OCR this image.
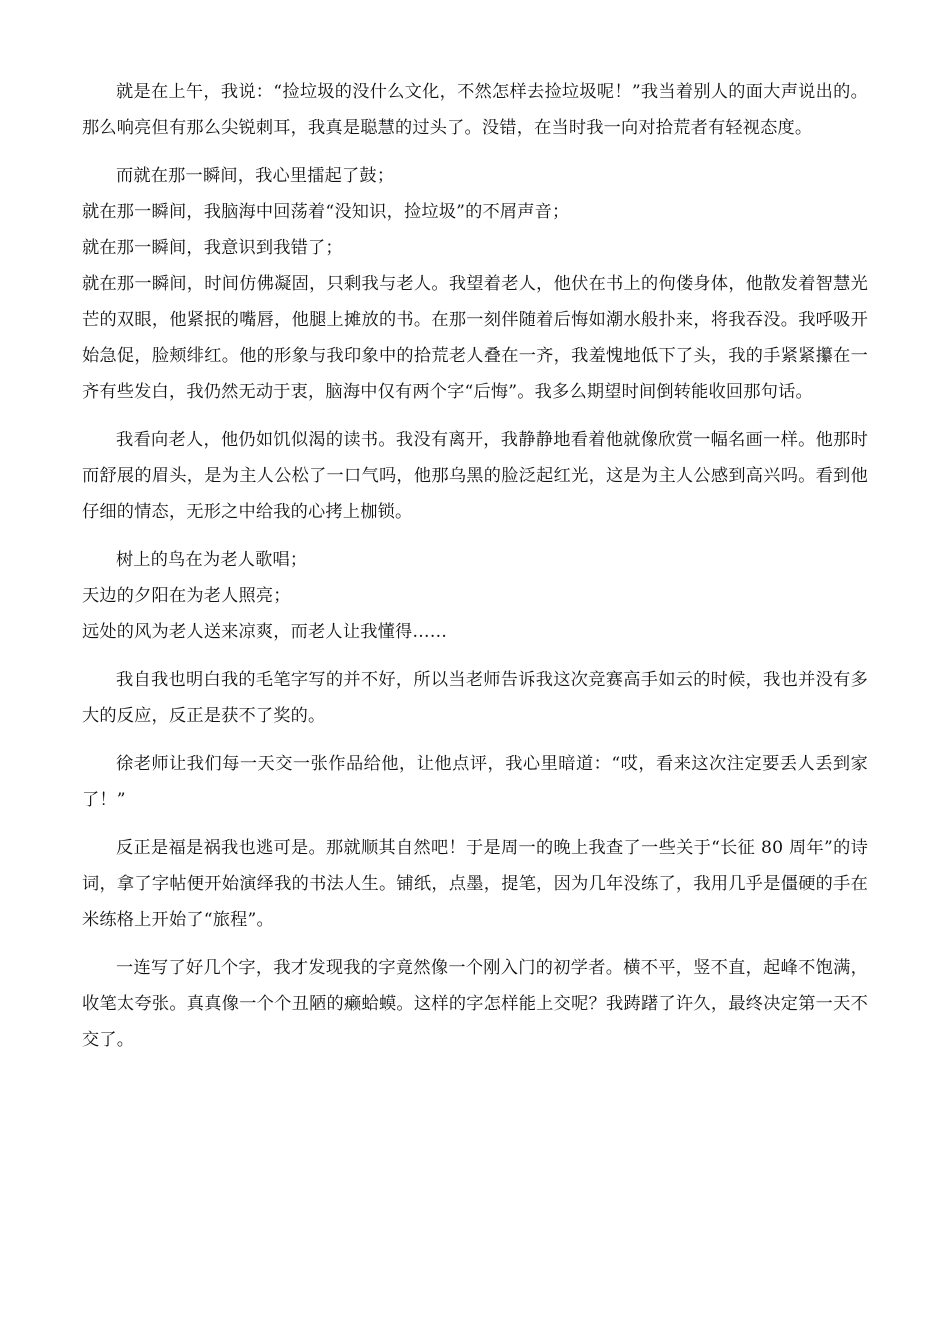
就是在上午，我说：“捡垃圾的没什么文化，不然怎样去捡垃圾呢！”我当着别人的面大声说出的。那么响亮但有那么尖锐刺耳，我真是聪慧的过头了。没错，在当时我一向对拾荒者有轻视态度。

而就在那一瞬间，我心里擂起了鼓；

就在那一瞬间，我脑海中回荡着“没知识，捡垃圾”的不屑声音；

就在那一瞬间，我意识到我错了；

就在那一瞬间，时间仿佛凝固，只剩我与老人。我望着老人，他伏在书上的佝偻身体，他散发着智慧光芒的双眼，他紧抿的嘴唇，他腿上摊放的书。在那一刻伴随着后悔如潮水般扑来，将我吞没。我呼吸开始急促，脸颊绯红。他的形象与我印象中的拾荒老人叠在一齐，我羞愧地低下了头，我的手紧紧攥在一齐有些发白，我仍然无动于衷，脑海中仅有两个字“后悔”。我多么期望时间倒转能收回那句话。

我看向老人，他仍如饥似渴的读书。我没有离开，我静静地看着他就像欣赏一幅名画一样。他那时而舒展的眉头，是为主人公松了一口气吗，他那乌黑的脸泛起红光，这是为主人公感到高兴吗。看到他仔细的情态，无形之中给我的心拷上枷锁。

树上的鸟在为老人歌唱；

天边的夕阳在为老人照亮；

远处的风为老人送来凉爽，而老人让我懂得……

我自我也明白我的毛笔字写的并不好，所以当老师告诉我这次竞赛高手如云的时候，我也并没有多大的反应，反正是获不了奖的。

徐老师让我们每一天交一张作品给他，让他点评，我心里暗道：“哎，看来这次注定要丢人丢到家了！”

反正是福是祸我也逃可是。那就顺其自然吧！于是周一的晚上我查了一些关于“长征 80 周年”的诗词，拿了字帖便开始演绎我的书法人生。铺纸，点墨，提笔，因为几年没练了，我用几乎是僵硬的手在米练格上开始了“旅程”。

一连写了好几个字，我才发现我的字竟然像一个刚入门的初学者。横不平，竖不直，起峰不饱满，收笔太夸张。真真像一个个丑陋的癞蛤蟆。这样的字怎样能上交呢？我踌躇了许久，最终决定第一天不交了。
